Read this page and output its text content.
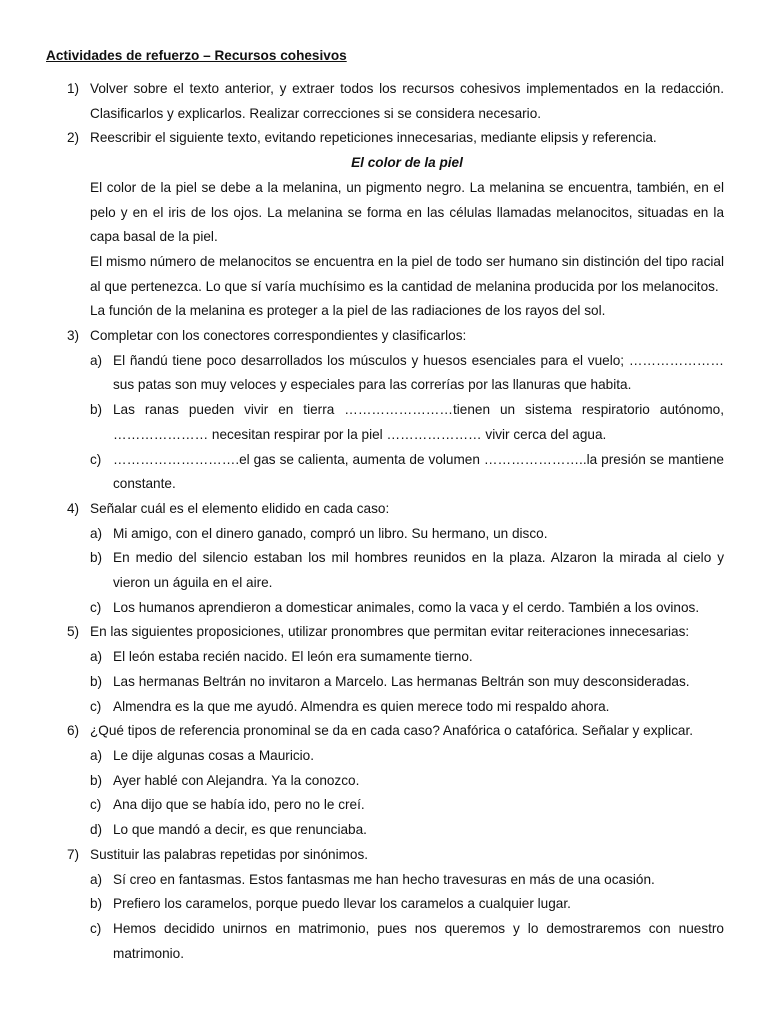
Actividades de refuerzo – Recursos cohesivos
1) Volver sobre el texto anterior, y extraer todos los recursos cohesivos implementados en la redacción. Clasificarlos y explicarlos. Realizar correcciones si se considera necesario.
2) Reescribir el siguiente texto, evitando repeticiones innecesarias, mediante elipsis y referencia.
El color de la piel
El color de la piel se debe a la melanina, un pigmento negro. La melanina se encuentra, también, en el pelo y en el iris de los ojos. La melanina se forma en las células llamadas melanocitos, situadas en la capa basal de la piel.
El mismo número de melanocitos se encuentra en la piel de todo ser humano sin distinción del tipo racial al que pertenezca. Lo que sí varía muchísimo es la cantidad de melanina producida por los melanocitos.
La función de la melanina es proteger a la piel de las radiaciones de los rayos del sol.
3) Completar con los conectores correspondientes y clasificarlos:
a) El ñandú tiene poco desarrollados los músculos y huesos esenciales para el vuelo; ………………… sus patas son muy veloces y especiales para las correrías por las llanuras que habita.
b) Las ranas pueden vivir en tierra ……………………tienen un sistema respiratorio autónomo, ………………… necesitan respirar por la piel ………………… vivir cerca del agua.
c) ……………………….el gas se calienta, aumenta de volumen …………………..la presión se mantiene constante.
4) Señalar cuál es el elemento elidido en cada caso:
a) Mi amigo, con el dinero ganado, compró un libro. Su hermano, un disco.
b) En medio del silencio estaban los mil hombres reunidos en la plaza. Alzaron la mirada al cielo y vieron un águila en el aire.
c) Los humanos aprendieron a domesticar animales, como la vaca y el cerdo. También a los ovinos.
5) En las siguientes proposiciones, utilizar pronombres que permitan evitar reiteraciones innecesarias:
a) El león estaba recién nacido. El león era sumamente tierno.
b) Las hermanas Beltrán no invitaron a Marcelo. Las hermanas Beltrán son muy desconsideradas.
c) Almendra es la que me ayudó. Almendra es quien merece todo mi respaldo ahora.
6) ¿Qué tipos de referencia pronominal se da en cada caso? Anafórica o catafórica. Señalar y explicar.
a) Le dije algunas cosas a Mauricio.
b) Ayer hablé con Alejandra. Ya la conozco.
c) Ana dijo que se había ido, pero no le creí.
d) Lo que mandó a decir, es que renunciaba.
7) Sustituir las palabras repetidas por sinónimos.
a) Sí creo en fantasmas. Estos fantasmas me han hecho travesuras en más de una ocasión.
b) Prefiero los caramelos, porque puedo llevar los caramelos a cualquier lugar.
c) Hemos decidido unirnos en matrimonio, pues nos queremos y lo demostraremos con nuestro matrimonio.
